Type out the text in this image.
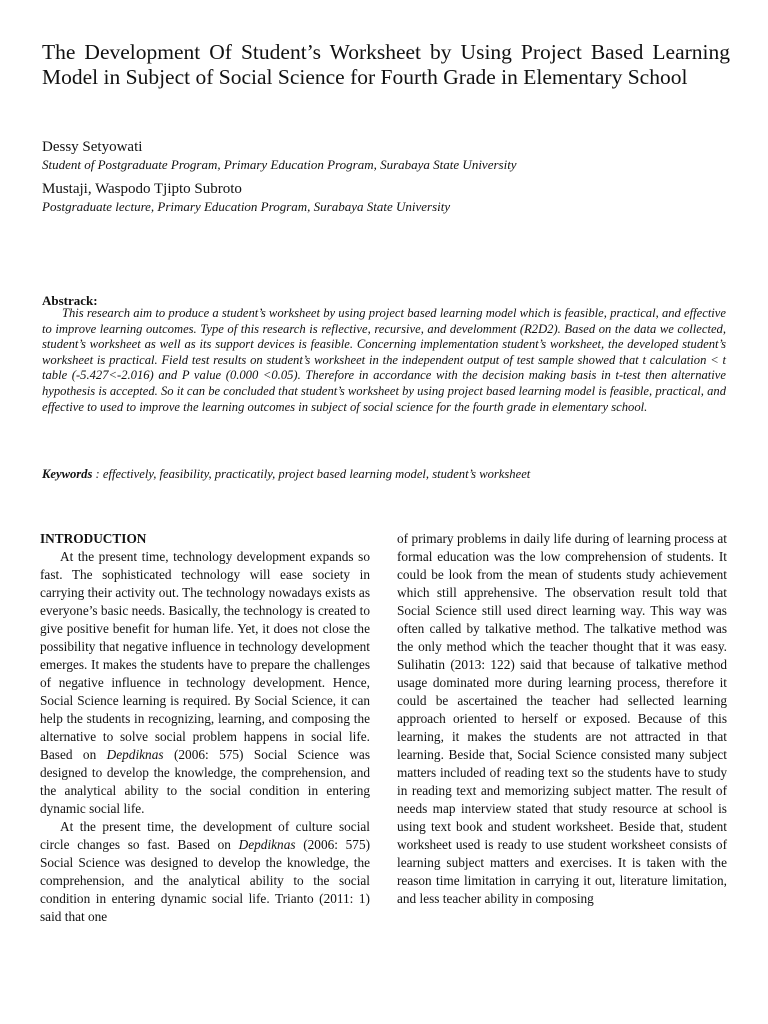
The Development Of Student’s Worksheet by Using Project Based Learning Model in Subject of Social Science for Fourth Grade in Elementary School
Dessy Setyowati
Student of Postgraduate Program, Primary Education Program, Surabaya State University
Mustaji, Waspodo Tjipto Subroto
Postgraduate lecture, Primary Education Program, Surabaya State University
Abstrack:

This research aim to produce a student’s worksheet by using project based learning model which is feasible, practical, and effective to improve learning outcomes. Type of this research is reflective, recursive, and develomment (R2D2). Based on the data we collected, student’s worksheet as well as its support devices is feasible. Concerning implementation student’s worksheet, the developed student’s worksheet is practical. Field test results on student’s worksheet in the independent output of test sample showed that t calculation < t table (-5.427<-2.016) and P value (0.000 <0.05). Therefore in accordance with the decision making basis in t-test then alternative hypothesis is accepted. So it can be concluded that student’s worksheet by using project based learning model is feasible, practical, and effective to used to improve the learning outcomes in subject of social science for the fourth grade in elementary school.

Keywords : effectively, feasibility, practicatily, project based learning model, student’s worksheet
INTRODUCTION

At the present time, technology development expands so fast. The sophisticated technology will ease society in carrying their activity out. The technology nowadays exists as everyone’s basic needs. Basically, the technology is created to give positive benefit for human life. Yet, it does not close the possibility that negative influence in technology development emerges. It makes the students have to prepare the challenges of negative influence in technology development. Hence, Social Science learning is required. By Social Science, it can help the students in recognizing, learning, and composing the alternative to solve social problem happens in social life. Based on Depdiknas (2006: 575) Social Science was designed to develop the knowledge, the comprehension, and the analytical ability to the social condition in entering dynamic social life.

At the present time, the development of culture social circle changes so fast. Based on Depdiknas (2006: 575) Social Science was designed to develop the knowledge, the comprehension, and the analytical ability to the social condition in entering dynamic social life. Trianto (2011: 1) said that one

of primary problems in daily life during of learning process at formal education was the low comprehension of students. It could be look from the mean of students study achievement which still apprehensive. The observation result told that Social Science still used direct learning way. This way was often called by talkative method. The talkative method was the only method which the teacher thought that it was easy. Sulihatin (2013: 122) said that because of talkative method usage dominated more during learning process, therefore it could be ascertained the teacher had sellected learning approach oriented to herself or exposed. Because of this learning, it makes the students are not attracted in that learning. Beside that, Social Science consisted many subject matters included of reading text so the students have to study in reading text and memorizing subject matter. The result of needs map interview stated that study resource at school is using text book and student worksheet. Beside that, student worksheet used is ready to use student worksheet consists of learning subject matters and exercises. It is taken with the reason time limitation in carrying it out, literature limitation, and less teacher ability in composing
